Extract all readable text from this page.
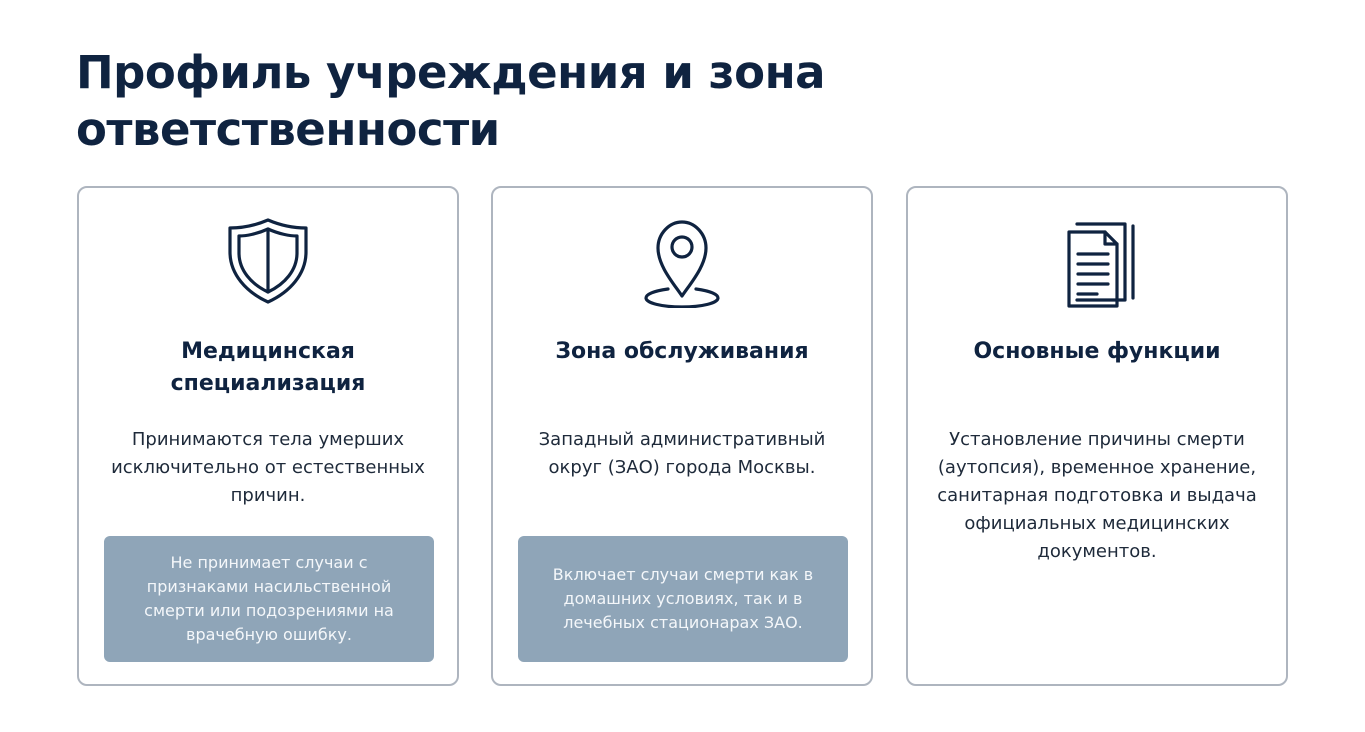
Профиль учреждения и зона ответственности
Медицинская специализация

Принимаются тела умерших исключительно от естественных причин.

Не принимает случаи с признаками насильственной смерти или подозрениями на врачебную ошибку.
Зона обслуживания

Западный административный округ (ЗАО) города Москвы.

Включает случаи смерти как в домашних условиях, так и в лечебных стационарах ЗАО.
Основные функции

Установление причины смерти (аутопсия), временное хранение, санитарная подготовка и выдача официальных медицинских документов.
